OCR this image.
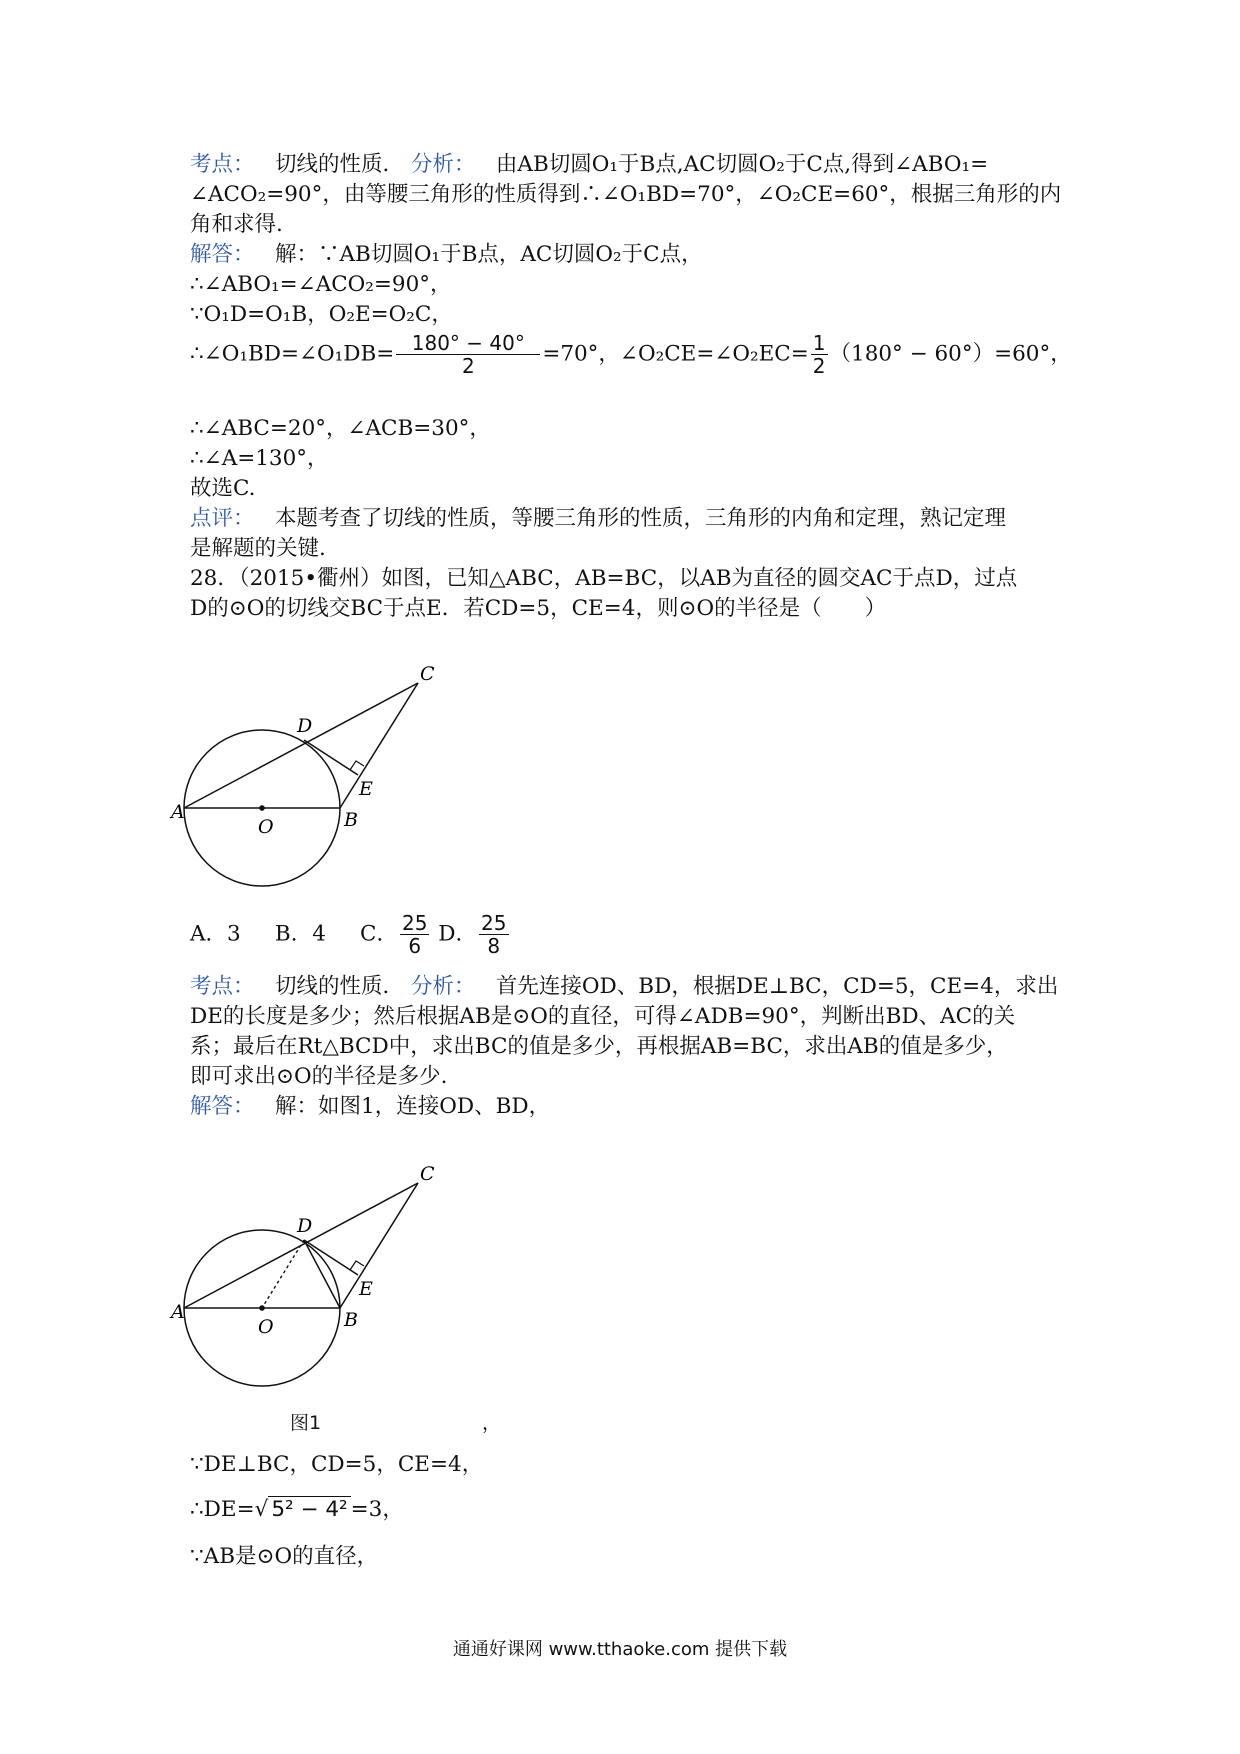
考点： 切线的性质． 分析： 由AB切圆O₁于B点,AC切圆O₂于C点,得到∠ABO₁=
∠ACO₂=90°，由等腰三角形的性质得到∴∠O₁BD=70°，∠O₂CE=60°，根据三角形的内
角和求得.
解答： 解：∵AB切圆O₁于B点，AC切圆O₂于C点，
∴∠ABO₁=∠ACO₂=90°，
∵O₁D=O₁B，O₂E=O₂C，
∴∠O₁BD=∠O₁DB= $\frac{180^\circ - 40^\circ}{2} =70^\circ$，∠O₂CE=∠O₂EC= $\frac{1}{2} (180^\circ - 60^\circ)=60^\circ$，
∴∠ABC=20°，∠ACB=30°，
∴∠A=130°，
故选C.
点评： 本题考查了切线的性质，等腰三角形的性质，三角形的内角和定理，熟记定理
是解题的关键.
28．（2015•衢州）如图，已知△ABC，AB=BC，以AB为直径的圆交AC于点D，过点
D的⊙O的切线交BC于点E．若CD=5，CE=4，则⊙O的半径是（　　）
A	B
C
D
E
O
A．3 B．4 C． $\frac{25}{6}$ D． $\frac{25}{8}$
考点： 切线的性质． 分析： 首先连接OD、BD，根据DE⊥BC，CD=5，CE=4，求出
DE的长度是多少；然后根据AB是⊙O的直径，可得∠ADB=90°，判断出BD、AC的关
系；最后在Rt△BCD中，求出BC的值是多少，再根据AB=BC，求出AB的值是多少，
即可求出⊙O的半径是多少.
解答： 解：如图1，连接OD、BD，
A	B
C
D
E
O
图1	，
∵DE⊥BC，CD=5，CE=4，
∴DE=√ 5² − 4² =3，
∵AB是⊙O的直径，
通通好课网 www.tthaoke.com 提供下载
